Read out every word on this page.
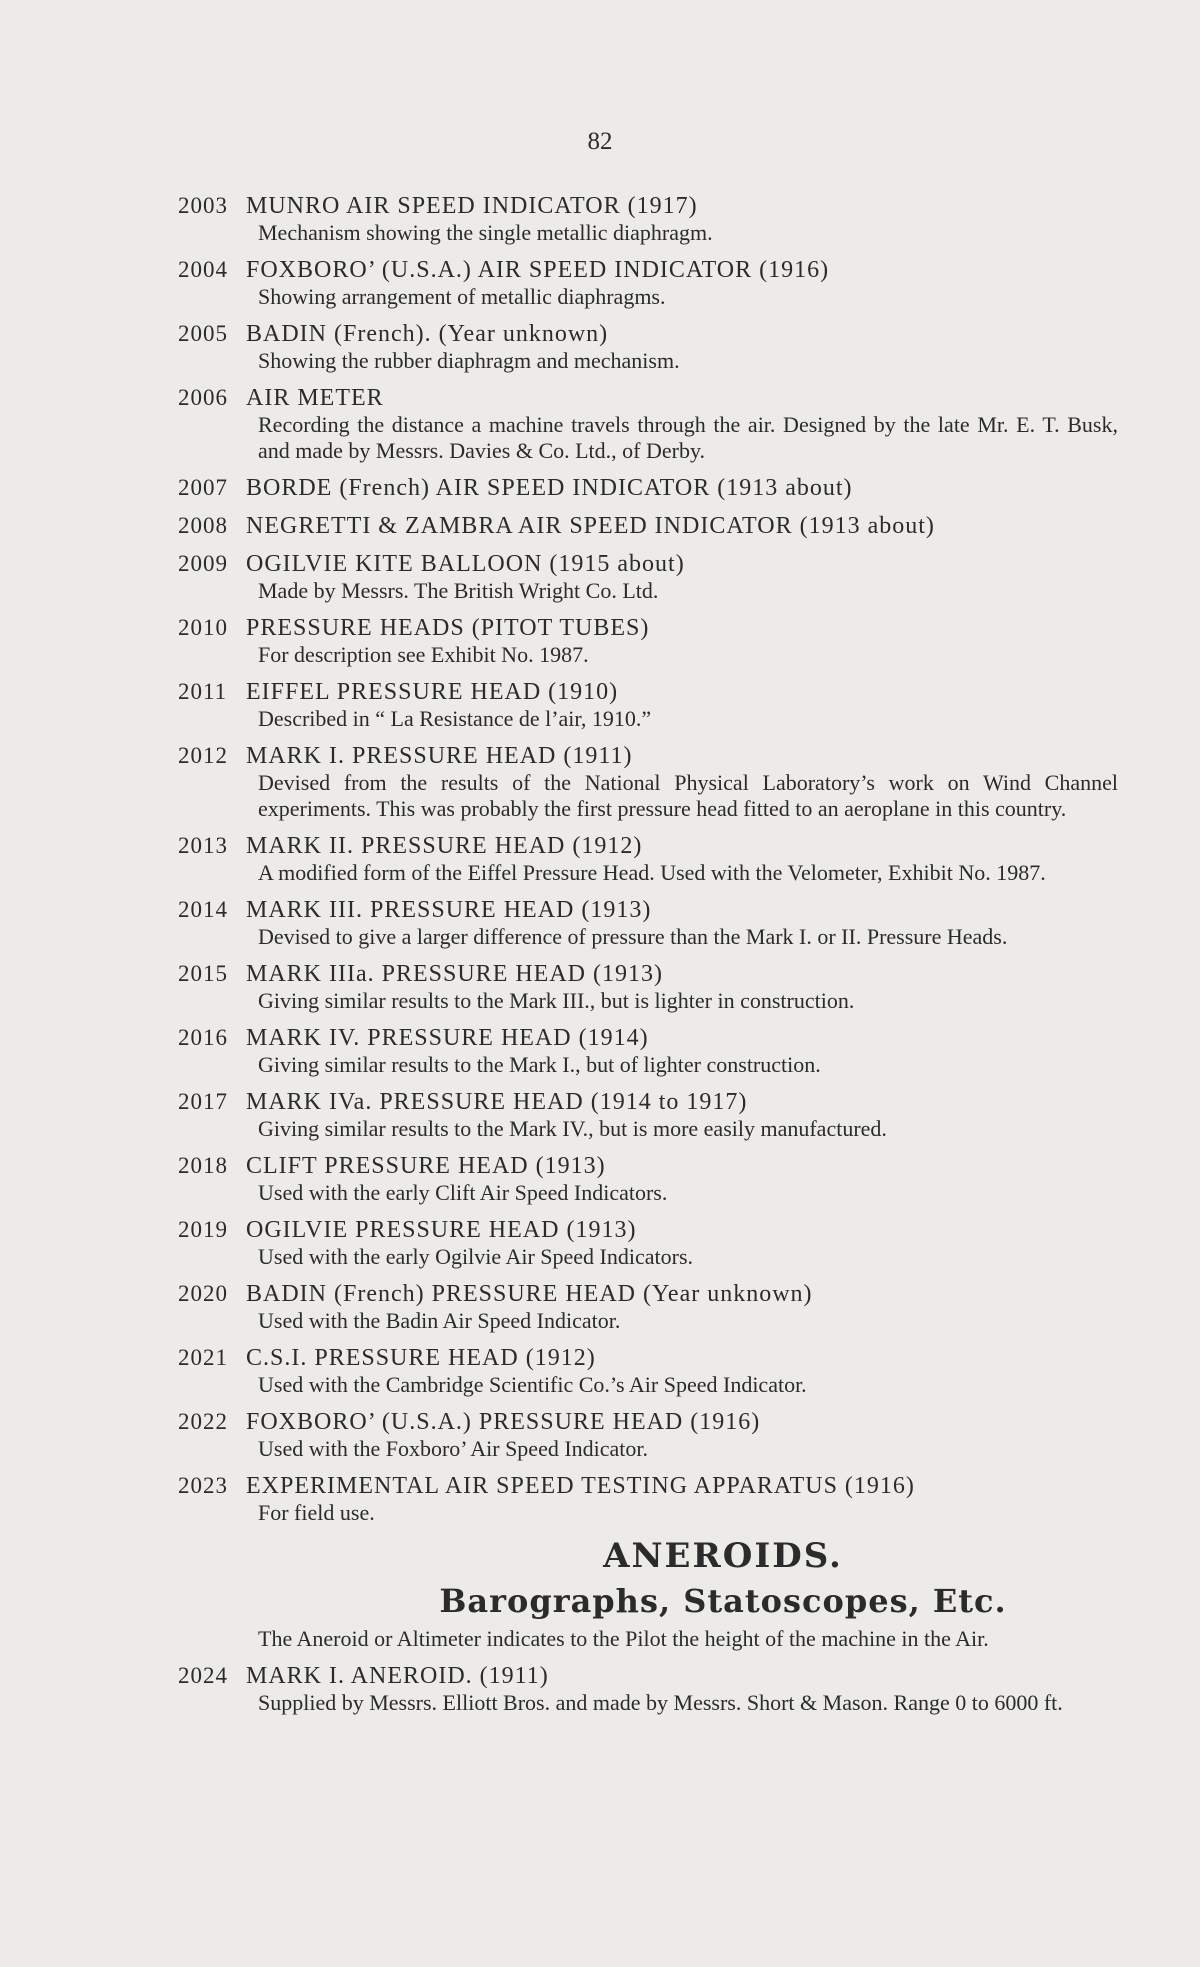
82
2003 MUNRO AIR SPEED INDICATOR (1917)
Mechanism showing the single metallic diaphragm.
2004 FOXBORO’ (U.S.A.) AIR SPEED INDICATOR (1916)
Showing arrangement of metallic diaphragms.
2005 BADIN (French). (Year unknown)
Showing the rubber diaphragm and mechanism.
2006 AIR METER
Recording the distance a machine travels through the air. Designed by the late Mr. E. T. Busk, and made by Messrs. Davies & Co. Ltd., of Derby.
2007 BORDE (French) AIR SPEED INDICATOR (1913 about)
2008 NEGRETTI & ZAMBRA AIR SPEED INDICATOR (1913 about)
2009 OGILVIE KITE BALLOON (1915 about)
Made by Messrs. The British Wright Co. Ltd.
2010 PRESSURE HEADS (PITOT TUBES)
For description see Exhibit No. 1987.
2011 EIFFEL PRESSURE HEAD (1910)
Described in “ La Resistance de l’air, 1910.”
2012 MARK I. PRESSURE HEAD (1911)
Devised from the results of the National Physical Laboratory’s work on Wind Channel experiments. This was probably the first pressure head fitted to an aeroplane in this country.
2013 MARK II. PRESSURE HEAD (1912)
A modified form of the Eiffel Pressure Head. Used with the Velometer, Exhibit No. 1987.
2014 MARK III. PRESSURE HEAD (1913)
Devised to give a larger difference of pressure than the Mark I. or II. Pressure Heads.
2015 MARK IIIa. PRESSURE HEAD (1913)
Giving similar results to the Mark III., but is lighter in construction.
2016 MARK IV. PRESSURE HEAD (1914)
Giving similar results to the Mark I., but of lighter construction.
2017 MARK IVa. PRESSURE HEAD (1914 to 1917)
Giving similar results to the Mark IV., but is more easily manufactured.
2018 CLIFT PRESSURE HEAD (1913)
Used with the early Clift Air Speed Indicators.
2019 OGILVIE PRESSURE HEAD (1913)
Used with the early Ogilvie Air Speed Indicators.
2020 BADIN (French) PRESSURE HEAD (Year unknown)
Used with the Badin Air Speed Indicator.
2021 C.S.I. PRESSURE HEAD (1912)
Used with the Cambridge Scientific Co.’s Air Speed Indicator.
2022 FOXBORO’ (U.S.A.) PRESSURE HEAD (1916)
Used with the Foxboro’ Air Speed Indicator.
2023 EXPERIMENTAL AIR SPEED TESTING APPARATUS (1916)
For field use.
ANEROIDS.
Barographs, Statoscopes, Etc.
The Aneroid or Altimeter indicates to the Pilot the height of the machine in the Air.
2024 MARK I. ANEROID. (1911)
Supplied by Messrs. Elliott Bros. and made by Messrs. Short & Mason. Range 0 to 6000 ft.
